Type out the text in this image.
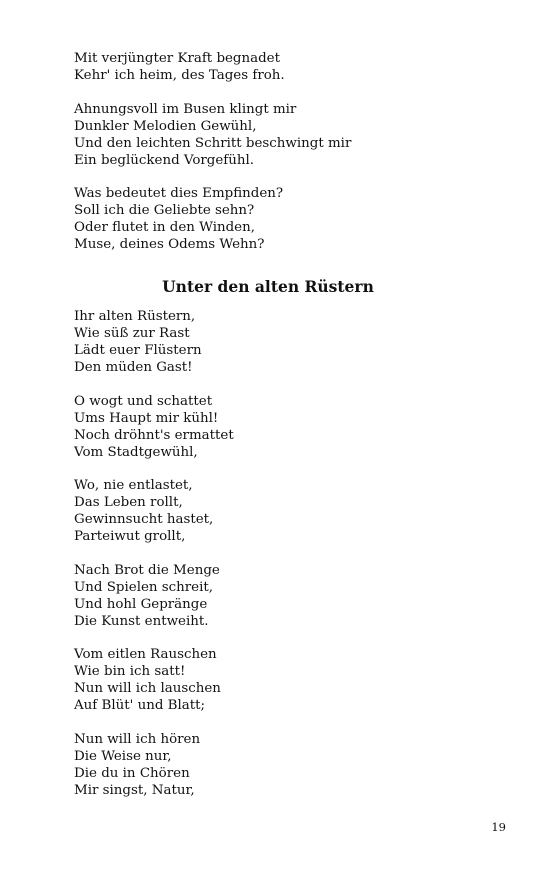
Mit verjüngter Kraft begnadet
Kehr' ich heim, des Tages froh.
Ahnungsvoll im Busen klingt mir
Dunkler Melodien Gewühl,
Und den leichten Schritt beschwingt mir
Ein beglückend Vorgefühl.
Was bedeutet dies Empfinden?
Soll ich die Geliebte sehn?
Oder flutet in den Winden,
Muse, deines Odems Wehn?
Unter den alten Rüstern
Ihr alten Rüstern,
Wie süß zur Rast
Lädt euer Flüstern
Den müden Gast!
O wogt und schattet
Ums Haupt mir kühl!
Noch dröhnt's ermattet
Vom Stadtgewühl,
Wo, nie entlastet,
Das Leben rollt,
Gewinnsucht hastet,
Parteiwut grollt,
Nach Brot die Menge
Und Spielen schreit,
Und hohl Gepränge
Die Kunst entweiht.
Vom eitlen Rauschen
Wie bin ich satt!
Nun will ich lauschen
Auf Blüt' und Blatt;
Nun will ich hören
Die Weise nur,
Die du in Chören
Mir singst, Natur,
19
